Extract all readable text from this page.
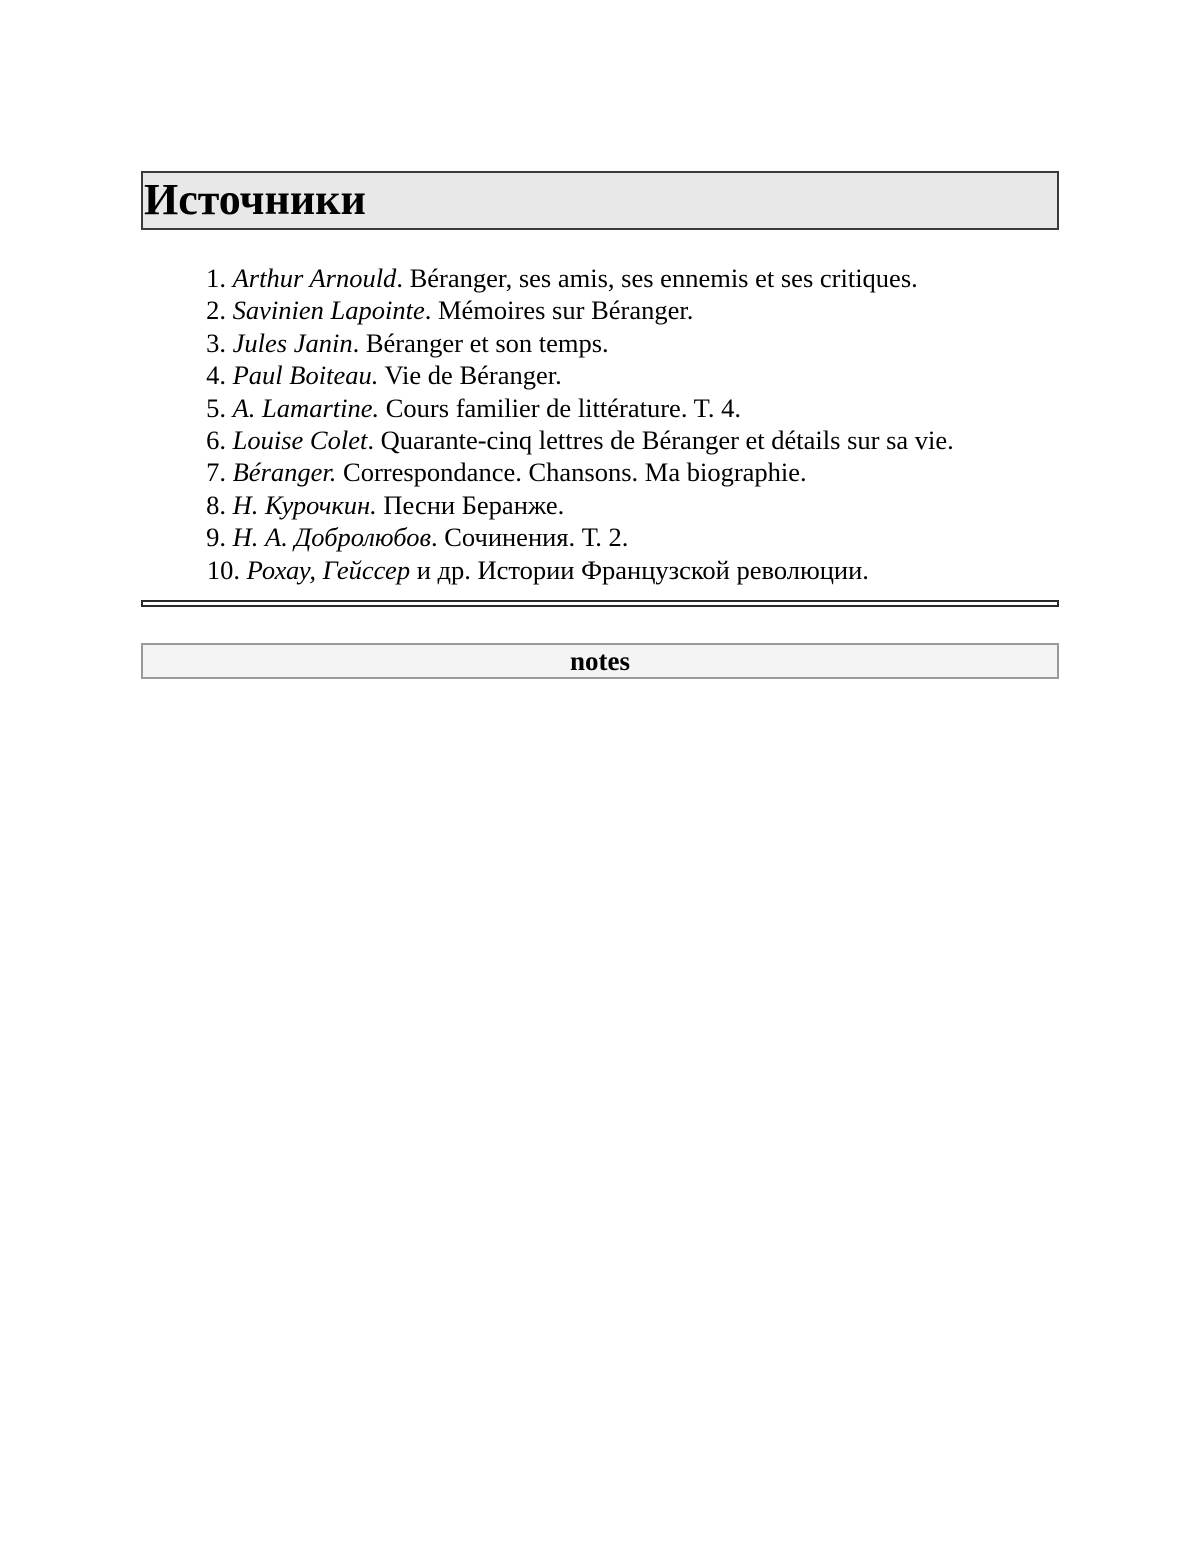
Источники
1. Arthur Arnould. Béranger, ses amis, ses ennemis et ses critiques.
2. Savinien Lapointe. Mémoires sur Béranger.
3. Jules Janin. Béranger et son temps.
4. Paul Boiteau. Vie de Béranger.
5. A. Lamartine. Cours familier de littérature. T. 4.
6. Louise Colet. Quarante-cinq lettres de Béranger et détails sur sa vie.
7. Béranger. Correspondance. Chansons. Ma biographie.
8. Н. Курочкин. Песни Беранже.
9. Н. А. Добролюбов. Сочинения. Т. 2.
10. Рохау, Гейссер и др. Истории Французской революции.
notes
